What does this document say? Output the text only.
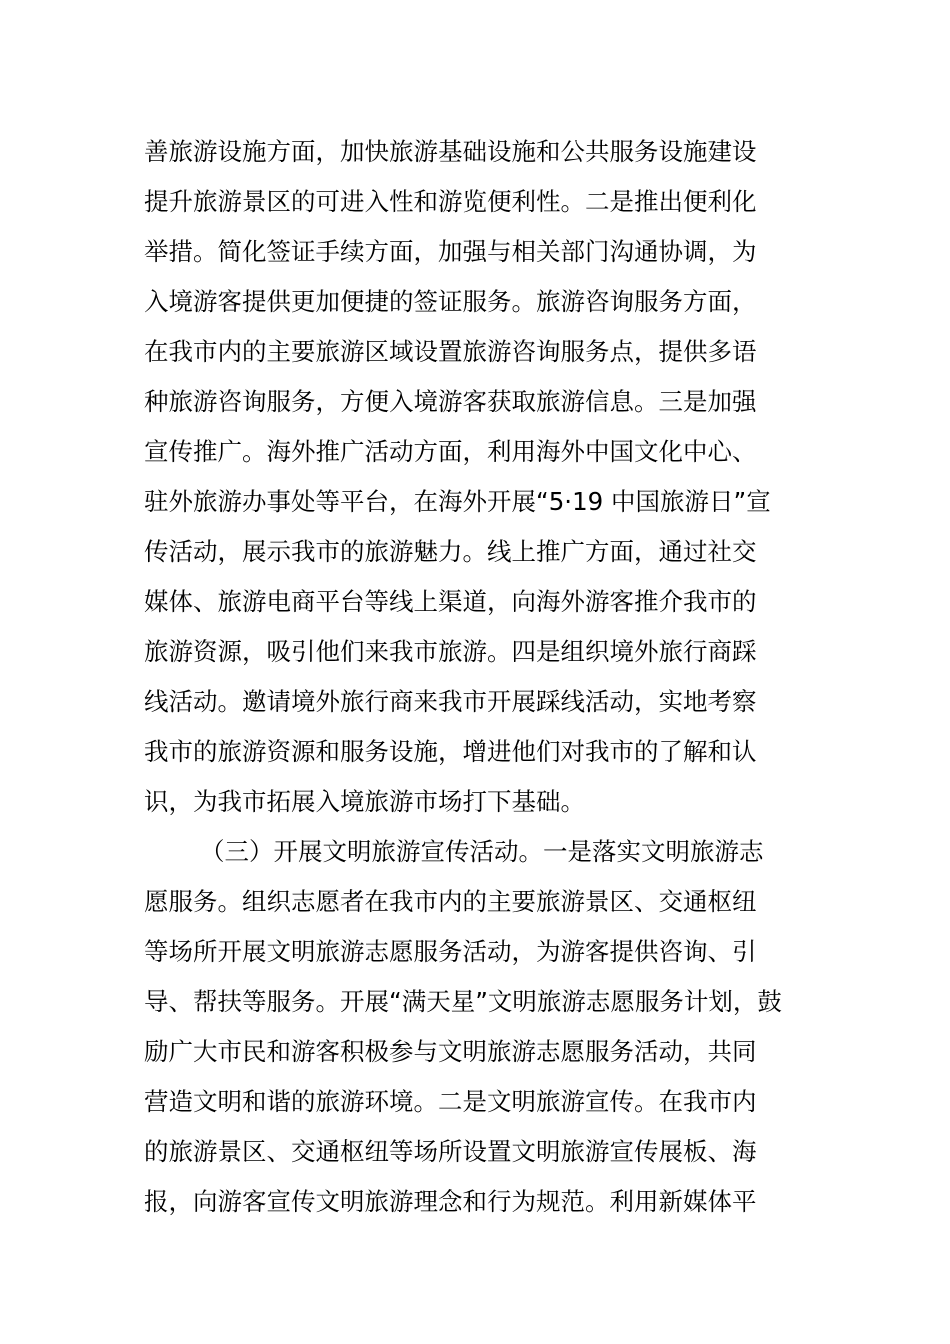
善旅游设施方面，加快旅游基础设施和公共服务设施建设
提升旅游景区的可进入性和游览便利性。二是推出便利化
举措。简化签证手续方面，加强与相关部门沟通协调，为
入境游客提供更加便捷的签证服务。旅游咨询服务方面，
在我市内的主要旅游区域设置旅游咨询服务点，提供多语
种旅游咨询服务，方便入境游客获取旅游信息。三是加强
宣传推广。海外推广活动方面，利用海外中国文化中心、
驻外旅游办事处等平台，在海外开展“5·19 中国旅游日”宣
传活动，展示我市的旅游魅力。线上推广方面，通过社交
媒体、旅游电商平台等线上渠道，向海外游客推介我市的
旅游资源，吸引他们来我市旅游。四是组织境外旅行商踩
线活动。邀请境外旅行商来我市开展踩线活动，实地考察
我市的旅游资源和服务设施，增进他们对我市的了解和认
识，为我市拓展入境旅游市场打下基础。
（三）开展文明旅游宣传活动。一是落实文明旅游志
愿服务。组织志愿者在我市内的主要旅游景区、交通枢纽
等场所开展文明旅游志愿服务活动，为游客提供咨询、引
导、帮扶等服务。开展“满天星”文明旅游志愿服务计划，鼓
励广大市民和游客积极参与文明旅游志愿服务活动，共同
营造文明和谐的旅游环境。二是文明旅游宣传。在我市内
的旅游景区、交通枢纽等场所设置文明旅游宣传展板、海
报，向游客宣传文明旅游理念和行为规范。利用新媒体平
